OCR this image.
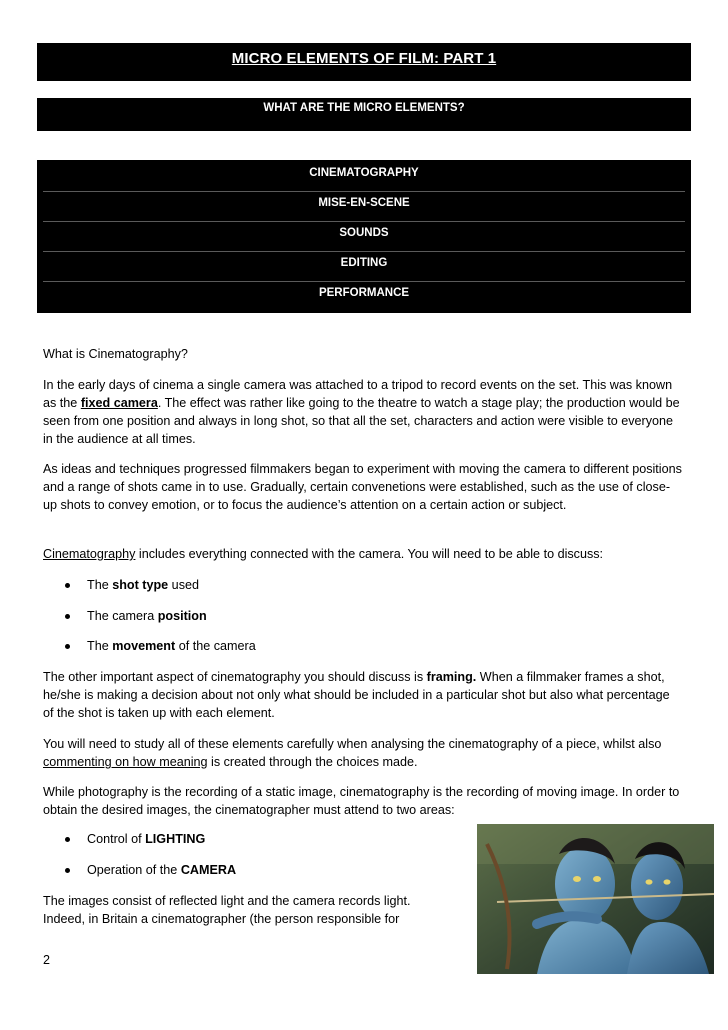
MICRO ELEMENTS OF FILM: PART 1
WHAT ARE THE MICRO ELEMENTS?
CINEMATOGRAPHY
MISE-EN-SCENE
SOUNDS
EDITING
PERFORMANCE
What is Cinematography?
In the early days of cinema a single camera was attached to a tripod to record events on the set. This was known as the fixed camera. The effect was rather like going to the theatre to watch a stage play; the production would be seen from one position and always in long shot, so that all the set, characters and action were visible to everyone in the audience at all times.
As ideas and techniques progressed filmmakers began to experiment with moving the camera to different positions and a range of shots came in to use. Gradually, certain convenetions were established, such as the use of close-up shots to convey emotion, or to focus the audience’s attention on a certain action or subject.
Cinematography includes everything connected with the camera. You will need to be able to discuss:
The shot type used
The camera position
The movement of the camera
The other important aspect of cinematography you should discuss is framing. When a filmmaker frames a shot, he/she is making a decision about not only what should be included in a particular shot but also what percentage of the shot is taken up with each element.
You will need to study all of these elements carefully when analysing the cinematography of a piece, whilst also commenting on how meaning is created through the choices made.
While photography is the recording of a static image, cinematography is the recording of moving image. In order to obtain the desired images, the cinematographer must attend to two areas:
Control of LIGHTING
Operation of the CAMERA
The images consist of reflected light and the camera records light.
Indeed, in Britain a cinematographer (the person responsible for
2
